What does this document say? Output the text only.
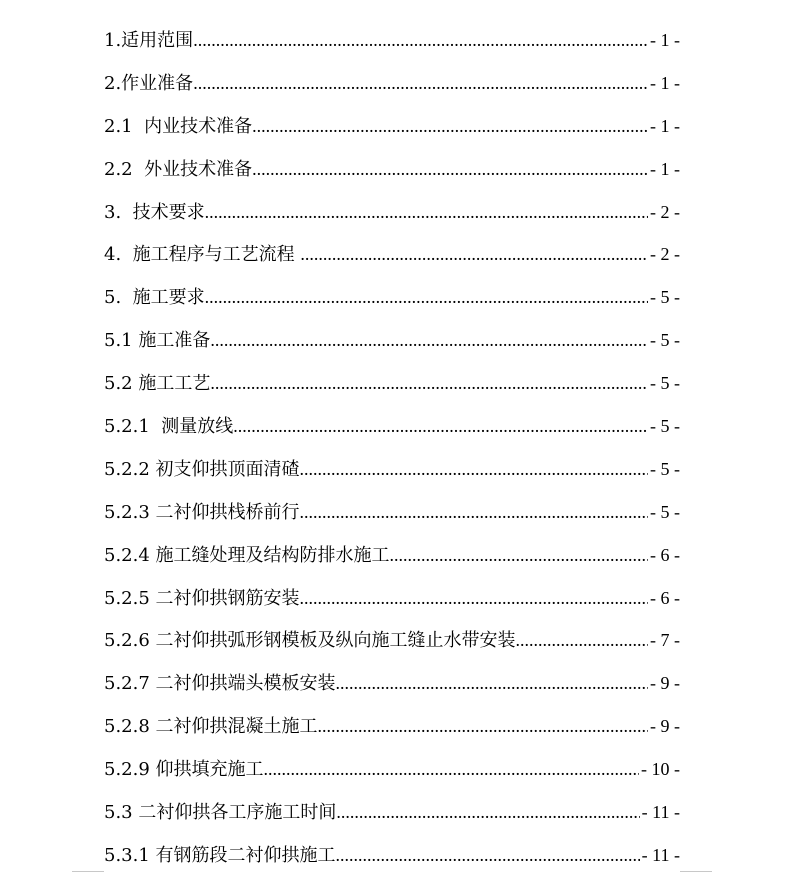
1.适用范围 .....	- 1 -
2.作业准备 .....	- 1 -
2.1  内业技术准备 .....	- 1 -
2.2  外业技术准备 .....	- 1 -
3.  技术要求 .....	- 2 -
4.  施工程序与工艺流程 .....	- 2 -
5.  施工要求 .....	- 5 -
5.1 施工准备 .....	- 5 -
5.2 施工工艺 .....	- 5 -
5.2.1  测量放线 .....	- 5 -
5.2.2 初支仰拱顶面清碴 .....	- 5 -
5.2.3 二衬仰拱栈桥前行 .....	- 5 -
5.2.4 施工缝处理及结构防排水施工 .....	- 6 -
5.2.5 二衬仰拱钢筋安装 .....	- 6 -
5.2.6 二衬仰拱弧形钢模板及纵向施工缝止水带安装 .....	- 7 -
5.2.7 二衬仰拱端头模板安装 .....	- 9 -
5.2.8 二衬仰拱混凝土施工 .....	- 9 -
5.2.9 仰拱填充施工 .....	- 10 -
5.3 二衬仰拱各工序施工时间 .....	- 11 -
5.3.1 有钢筋段二衬仰拱施工 .....	- 11 -
